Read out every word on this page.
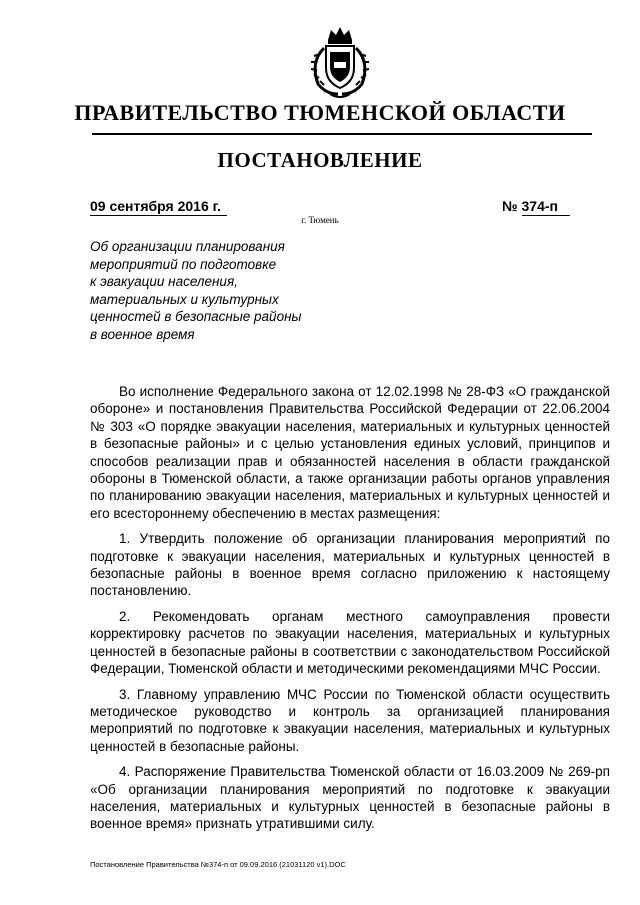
ПРАВИТЕЛЬСТВО ТЮМЕНСКОЙ ОБЛАСТИ
ПОСТАНОВЛЕНИЕ
09 сентября 2016 г.	№ 374-п
г. Тюмень
Об организации планирования
мероприятий по подготовке
к эвакуации населения,
материальных и культурных
ценностей в безопасные районы
в военное время

Во исполнение Федерального закона от 12.02.1998 № 28-ФЗ «О гражданской обороне» и постановления Правительства Российской Федерации от 22.06.2004 № 303 «О порядке эвакуации населения, материальных и культурных ценностей в безопасные районы» и с целью установления единых условий, принципов и способов реализации прав и обязанностей населения в области гражданской обороны в Тюменской области, а также организации работы органов управления по планированию эвакуации населения, материальных и культурных ценностей и его всестороннему обеспечению в местах размещения:

1. Утвердить положение об организации планирования мероприятий по подготовке к эвакуации населения, материальных и культурных ценностей в безопасные районы в военное время согласно приложению к настоящему постановлению.

2. Рекомендовать органам местного самоуправления провести корректировку расчетов по эвакуации населения, материальных и культурных ценностей в безопасные районы в соответствии с законодательством Российской Федерации, Тюменской области и методическими рекомендациями МЧС России.

3. Главному управлению МЧС России по Тюменской области осуществить методическое руководство и контроль за организацией планирования мероприятий по подготовке к эвакуации населения, материальных и культурных ценностей в безопасные районы.

4. Распоряжение Правительства Тюменской области от 16.03.2009 № 269-рп «Об организации планирования мероприятий по подготовке к эвакуации населения, материальных и культурных ценностей в безопасные районы в военное время» признать утратившими силу.

Постановление Правительства №374-п от 09.09.2016 (21031120 v1).DOC
